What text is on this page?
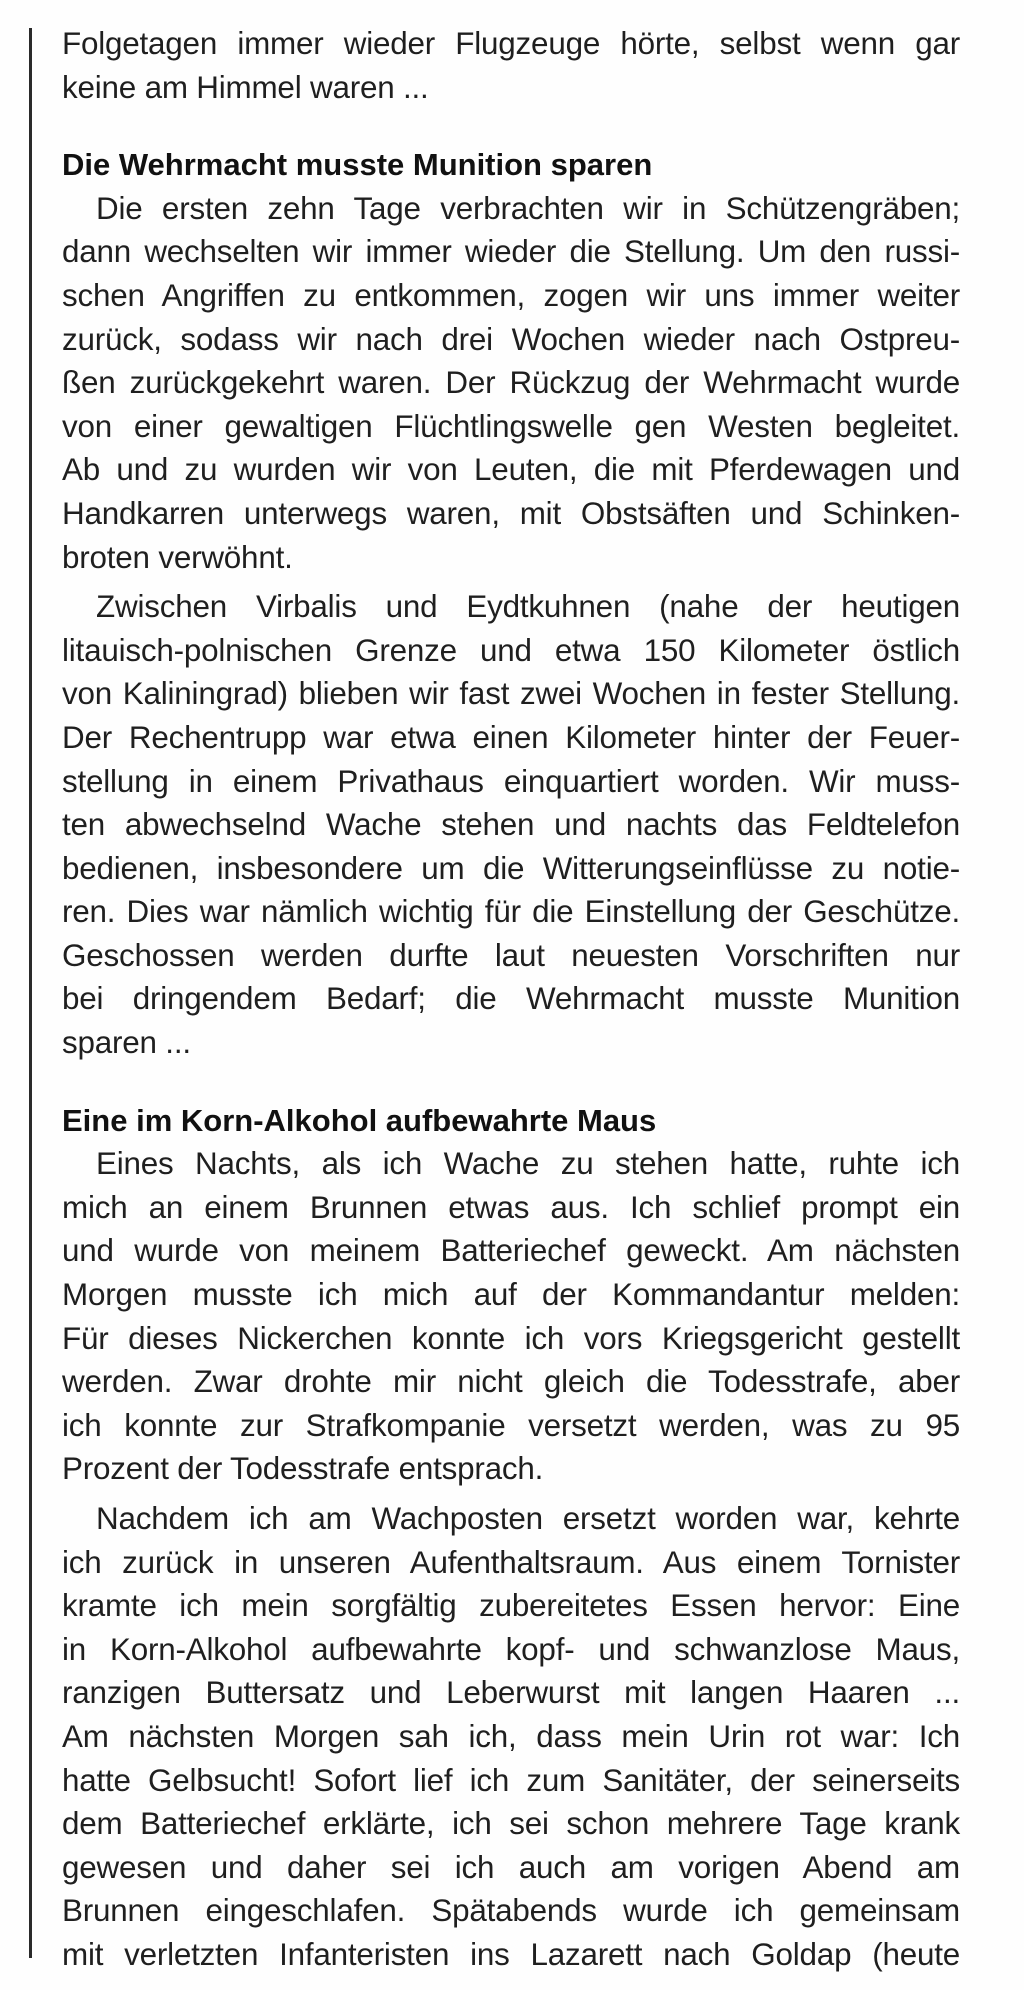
Folgetagen immer wieder Flugzeuge hörte, selbst wenn gar
keine am Himmel waren ...
Die Wehrmacht musste Munition sparen
Die ersten zehn Tage verbrachten wir in Schützengräben;
dann wechselten wir immer wieder die Stellung. Um den russi-
schen Angriffen zu entkommen, zogen wir uns immer weiter
zurück, sodass wir nach drei Wochen wieder nach Ostpreu-
ßen zurückgekehrt waren. Der Rückzug der Wehrmacht wurde
von einer gewaltigen Flüchtlingswelle gen Westen begleitet.
Ab und zu wurden wir von Leuten, die mit Pferdewagen und
Handkarren unterwegs waren, mit Obstsäften und Schinken-
broten verwöhnt.
Zwischen Virbalis und Eydtkuhnen (nahe der heutigen
litauisch-polnischen Grenze und etwa 150 Kilometer östlich
von Kaliningrad) blieben wir fast zwei Wochen in fester Stellung.
Der Rechentrupp war etwa einen Kilometer hinter der Feuer-
stellung in einem Privathaus einquartiert worden. Wir muss-
ten abwechselnd Wache stehen und nachts das Feldtelefon
bedienen, insbesondere um die Witterungseinflüsse zu notie-
ren. Dies war nämlich wichtig für die Einstellung der Geschütze.
Geschossen werden durfte laut neuesten Vorschriften nur
bei dringendem Bedarf; die Wehrmacht musste Munition
sparen ...
Eine im Korn-Alkohol aufbewahrte Maus
Eines Nachts, als ich Wache zu stehen hatte, ruhte ich
mich an einem Brunnen etwas aus. Ich schlief prompt ein
und wurde von meinem Batteriechef geweckt. Am nächsten
Morgen musste ich mich auf der Kommandantur melden:
Für dieses Nickerchen konnte ich vors Kriegsgericht gestellt
werden. Zwar drohte mir nicht gleich die Todesstrafe, aber
ich konnte zur Strafkompanie versetzt werden, was zu 95
Prozent der Todesstrafe entsprach.
Nachdem ich am Wachposten ersetzt worden war, kehrte
ich zurück in unseren Aufenthaltsraum. Aus einem Tornister
kramte ich mein sorgfältig zubereitetes Essen hervor: Eine
in Korn-Alkohol aufbewahrte kopf- und schwanzlose Maus,
ranzigen Buttersatz und Leberwurst mit langen Haaren ...
Am nächsten Morgen sah ich, dass mein Urin rot war: Ich
hatte Gelbsucht! Sofort lief ich zum Sanitäter, der seinerseits
dem Batteriechef erklärte, ich sei schon mehrere Tage krank
gewesen und daher sei ich auch am vorigen Abend am
Brunnen eingeschlafen. Spätabends wurde ich gemeinsam
mit verletzten Infanteristen ins Lazarett nach Goldap (heute
